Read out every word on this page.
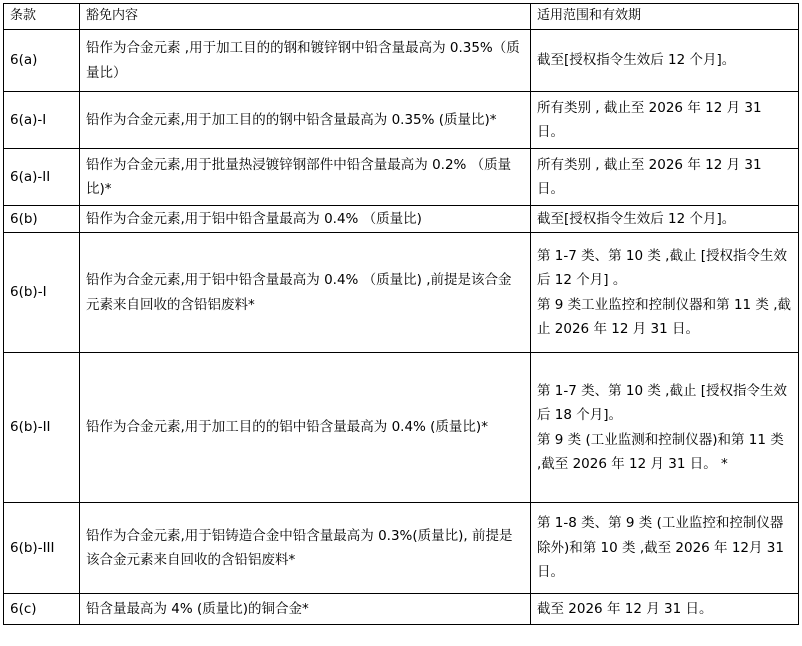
条款	豁免内容	适用范围和有效期
6(a)	铅作为合金元素 ,用于加工目的的钢和镀锌钢中铅含量最高为 0.35%（质量比）	截至[授权指令生效后 12 个月]。

6(a)-I	铅作为合金元素,用于加工目的的钢中铅含量最高为 0.35% (质量比)*	所有类别 , 截止至 2026 年 12 月 31 日。

6(a)-II	铅作为合金元素,用于批量热浸镀锌钢部件中铅含量最高为 0.2% （质量比)*	所有类别 , 截止至 2026 年 12 月 31 日。

6(b)	铅作为合金元素,用于铝中铅含量最高为 0.4% （质量比)	截至[授权指令生效后 12 个月]。

6(b)-I	铅作为合金元素,用于铝中铅含量最高为 0.4% （质量比) ,前提是该合金元素来自回收的含铅铝废料*	第 1-7 类、第 10 类 ,截止 [授权指令生效后 12 个月] 。
第 9 类工业监控和控制仪器和第 11 类 ,截止 2026 年 12 月 31 日。

6(b)-II	铅作为合金元素,用于加工目的的铝中铅含量最高为 0.4% (质量比)*	第 1-7 类、第 10 类 ,截止 [授权指令生效后 18 个月]。
第 9 类 (工业监测和控制仪器)和第 11 类 ,截至 2026 年 12 月 31 日。 *

6(b)-III	铅作为合金元素,用于铝铸造合金中铅含量最高为 0.3%(质量比), 前提是该合金元素来自回收的含铅铝废料*	第 1-8 类、第 9 类 (工业监控和控制仪器除外)和第 10 类 ,截至 2026 年 12月 31 日。

6(c)	铅含量最高为 4% (质量比)的铜合金*	截至 2026 年 12 月 31 日。
